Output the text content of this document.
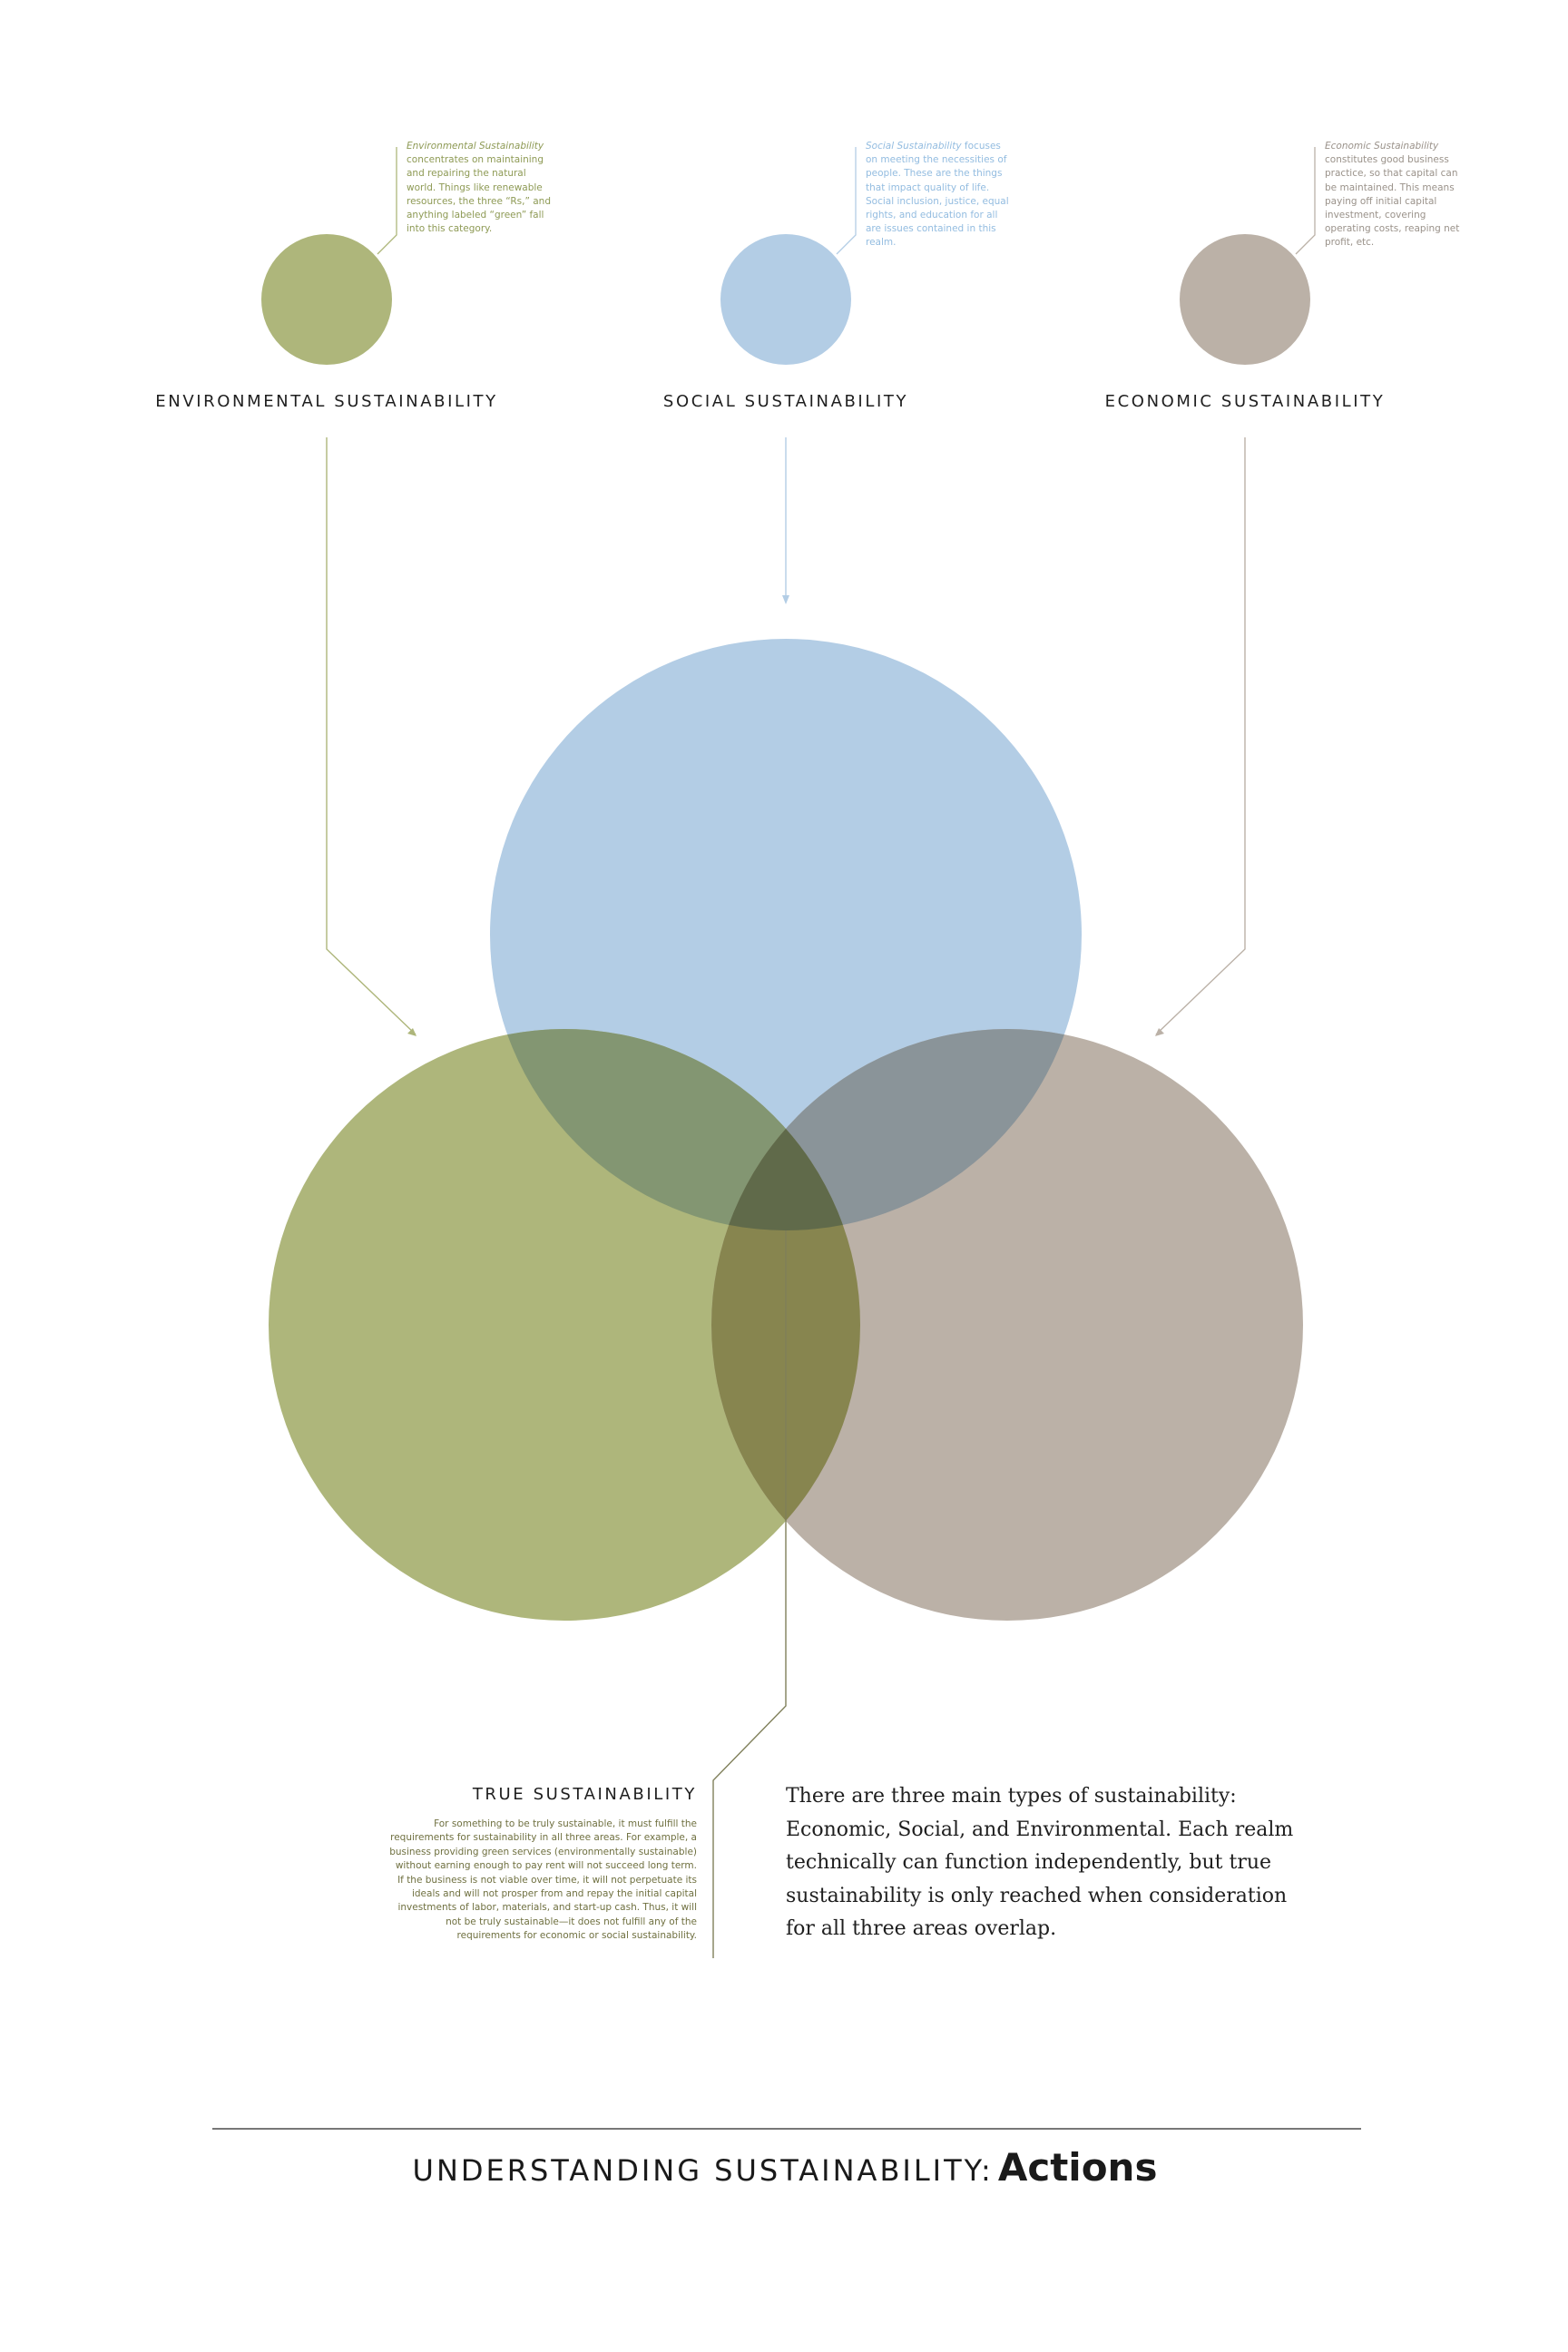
Environmental Sustainability concentrates on maintaining and repairing the natural world. Things like renewable resources, the three “Rs,” and anything labeled “green” fall into this category.
Social Sustainability focuses on meeting the necessities of people. These are the things that impact quality of life. Social inclusion, justice, equal rights, and education for all are issues contained in this realm.
Economic Sustainability constitutes good business practice, so that capital can be maintained. This means paying off initial capital investment, covering operating costs, reaping net profit, etc.
ENVIRONMENTAL SUSTAINABILITY	SOCIAL SUSTAINABILITY	ECONOMIC SUSTAINABILITY
TRUE SUSTAINABILITY
For something to be truly sustainable, it must fulfill the requirements for sustainability in all three areas. For example, a business providing green services (environmentally sustainable) without earning enough to pay rent will not succeed long term. If the business is not viable over time, it will not perpetuate its ideals and will not prosper from and repay the initial capital investments of labor, materials, and start-up cash. Thus, it will not be truly sustainable—it does not fulfill any of the requirements for economic or social sustainability.
There are three main types of sustainability: Economic, Social, and Environmental. Each realm technically can function independently, but true sustainability is only reached when consideration for all three areas overlap.
UNDERSTANDING SUSTAINABILITY: Actions
